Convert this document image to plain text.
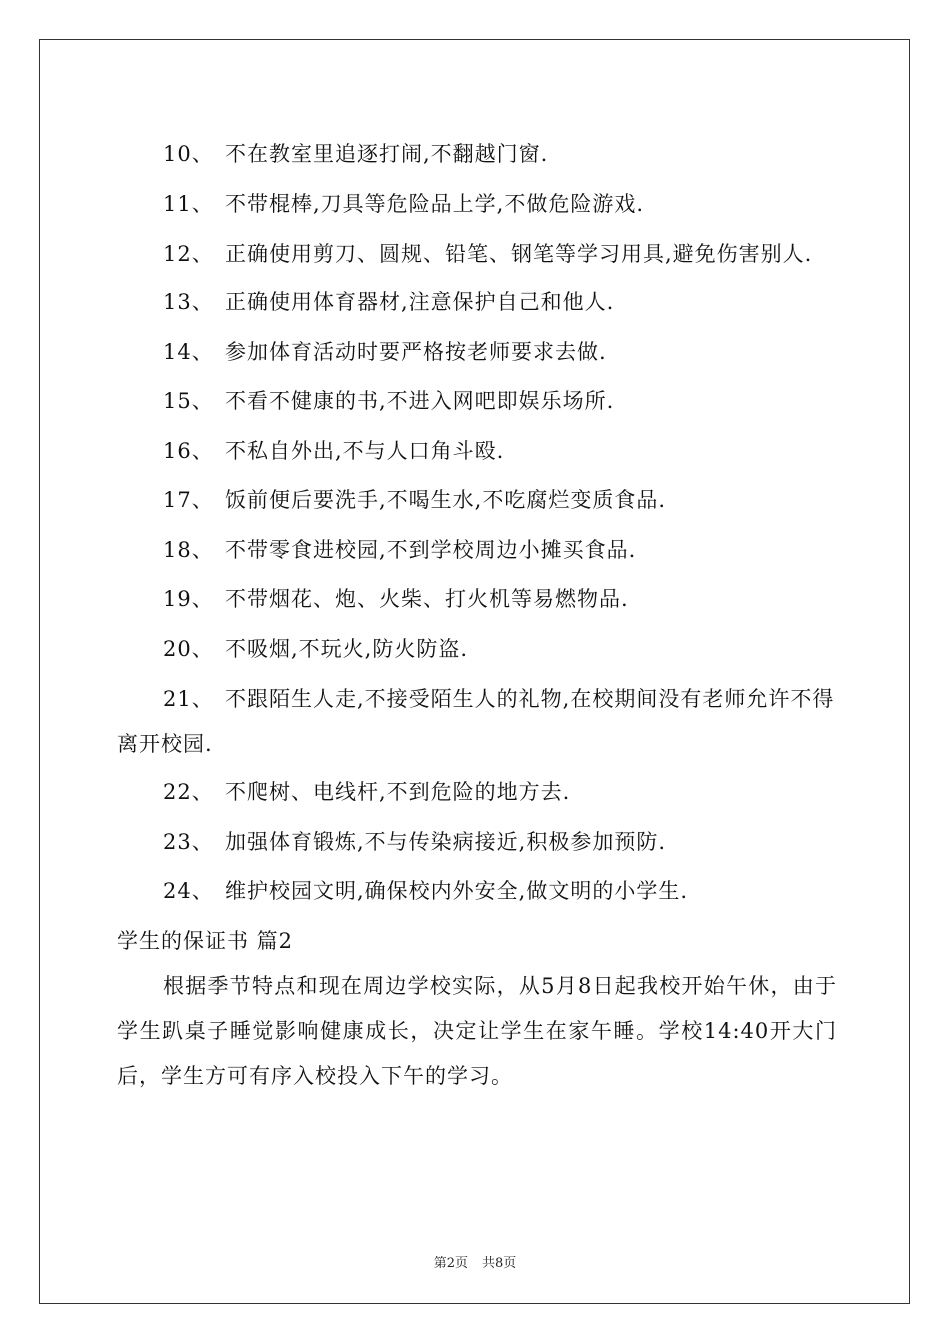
10、 不在教室里追逐打闹,不翻越门窗.
11、 不带棍棒,刀具等危险品上学,不做危险游戏.
12、 正确使用剪刀、圆规、铅笔、钢笔等学习用具,避免伤害别人.
13、 正确使用体育器材,注意保护自己和他人.
14、 参加体育活动时要严格按老师要求去做.
15、 不看不健康的书,不进入网吧即娱乐场所.
16、 不私自外出,不与人口角斗殴.
17、 饭前便后要洗手,不喝生水,不吃腐烂变质食品.
18、 不带零食进校园,不到学校周边小摊买食品.
19、 不带烟花、炮、火柴、打火机等易燃物品.
20、 不吸烟,不玩火,防火防盗.
21、 不跟陌生人走,不接受陌生人的礼物,在校期间没有老师允许不得离开校园.
22、 不爬树、电线杆,不到危险的地方去.
23、 加强体育锻炼,不与传染病接近,积极参加预防.
24、 维护校园文明,确保校内外安全,做文明的小学生.
学生的保证书 篇2

根据季节特点和现在周边学校实际，从5月8日起我校开始午休，由于学生趴桌子睡觉影响健康成长，决定让学生在家午睡。学校14:40开大门后，学生方可有序入校投入下午的学习。

第2页 共8页
